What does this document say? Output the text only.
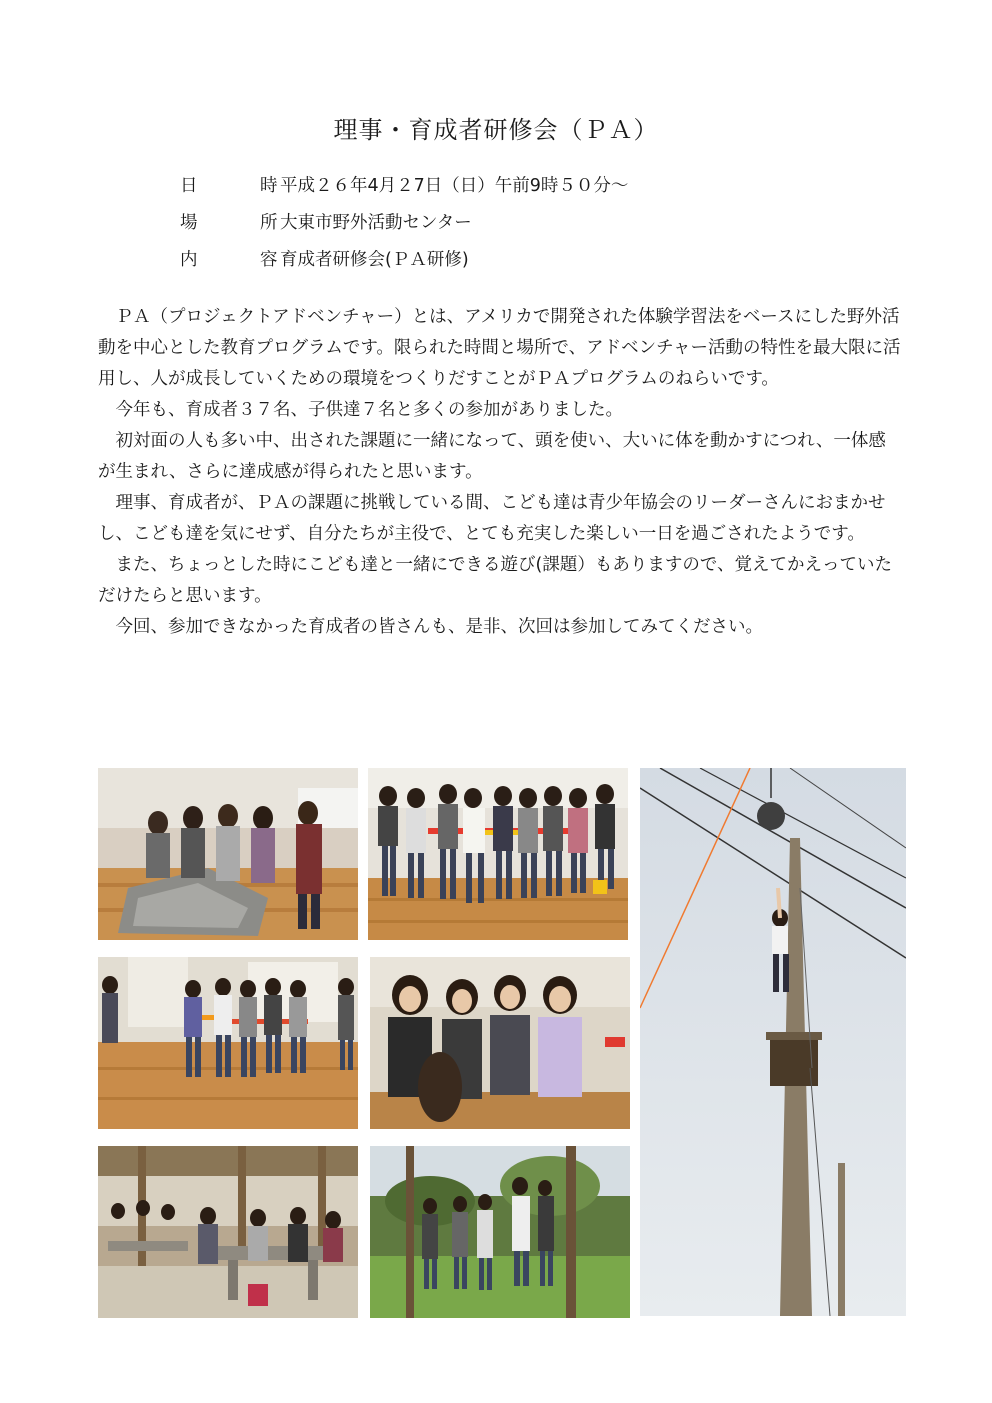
理事・育成者研修会（ＰＡ）
日	時 平成２６年4月２7日（日）午前9時５０分～
場	所 大東市野外活動センター
内	容 育成者研修会(ＰＡ研修)

ＰＡ（プロジェクトアドベンチャー）とは、アメリカで開発された体験学習法をベースにした野外活動を中心とした教育プログラムです。限られた時間と場所で、アドベンチャー活動の特性を最大限に活用し、人が成長していくための環境をつくりだすことがＰＡプログラムのねらいです。

今年も、育成者３７名、子供達７名と多くの参加がありました。

初対面の人も多い中、出された課題に一緒になって、頭を使い、大いに体を動かすにつれ、一体感が生まれ、さらに達成感が得られたと思います。

理事、育成者が、ＰＡの課題に挑戦している間、こども達は青少年協会のリーダーさんにおまかせし、こども達を気にせず、自分たちが主役で、とても充実した楽しい一日を過ごされたようです。

また、ちょっとした時にこども達と一緒にできる遊び(課題）もありますので、覚えてかえっていただけたらと思います。

今回、参加できなかった育成者の皆さんも、是非、次回は参加してみてください。
